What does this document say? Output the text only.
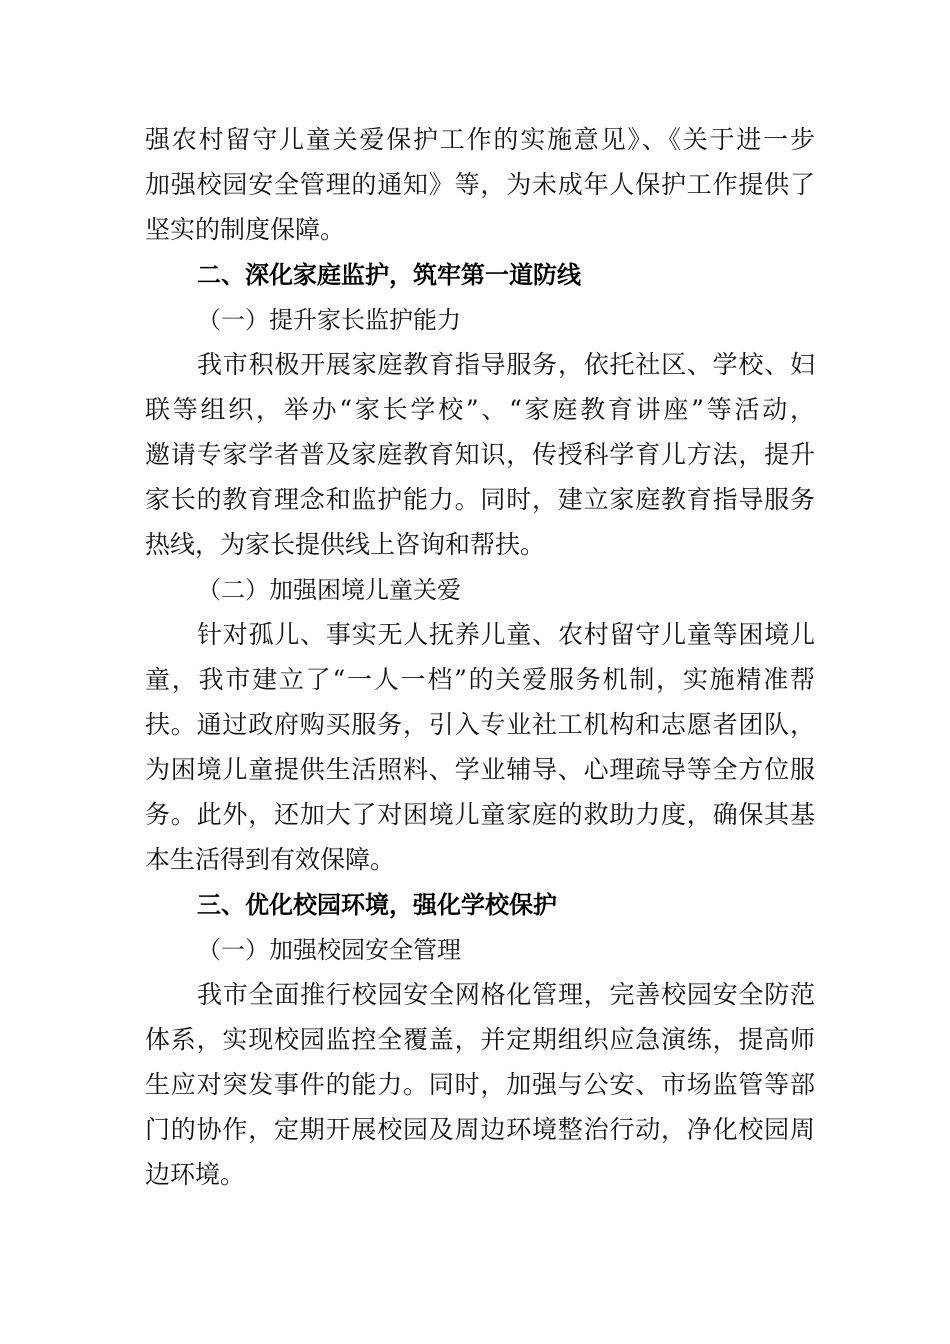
强农村留守儿童关爱保护工作的实施意见》、《关于进一步

加强校园安全管理的通知》等，为未成年人保护工作提供了

坚实的制度保障。

二、深化家庭监护，筑牢第一道防线

（一）提升家长监护能力

我市积极开展家庭教育指导服务，依托社区、学校、妇

联等组织，举办“家长学校”、“家庭教育讲座”等活动，

邀请专家学者普及家庭教育知识，传授科学育儿方法，提升

家长的教育理念和监护能力。同时，建立家庭教育指导服务

热线，为家长提供线上咨询和帮扶。

（二）加强困境儿童关爱

针对孤儿、事实无人抚养儿童、农村留守儿童等困境儿

童，我市建立了“一人一档”的关爱服务机制，实施精准帮

扶。通过政府购买服务，引入专业社工机构和志愿者团队，

为困境儿童提供生活照料、学业辅导、心理疏导等全方位服

务。此外，还加大了对困境儿童家庭的救助力度，确保其基

本生活得到有效保障。

三、优化校园环境，强化学校保护

（一）加强校园安全管理

我市全面推行校园安全网格化管理，完善校园安全防范

体系，实现校园监控全覆盖，并定期组织应急演练，提高师

生应对突发事件的能力。同时，加强与公安、市场监管等部

门的协作，定期开展校园及周边环境整治行动，净化校园周

边环境。
